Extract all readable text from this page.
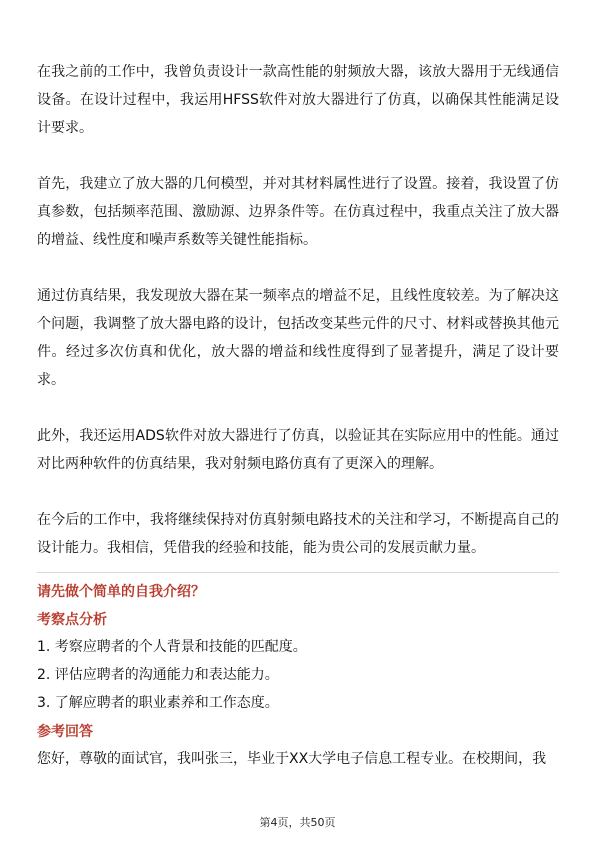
在我之前的工作中，我曾负责设计一款高性能的射频放大器，该放大器用于无线通信设备。在设计过程中，我运用HFSS软件对放大器进行了仿真，以确保其性能满足设计要求。

首先，我建立了放大器的几何模型，并对其材料属性进行了设置。接着，我设置了仿真参数，包括频率范围、激励源、边界条件等。在仿真过程中，我重点关注了放大器的增益、线性度和噪声系数等关键性能指标。

通过仿真结果，我发现放大器在某一频率点的增益不足，且线性度较差。为了解决这个问题，我调整了放大器电路的设计，包括改变某些元件的尺寸、材料或替换其他元件。经过多次仿真和优化，放大器的增益和线性度得到了显著提升，满足了设计要求。

此外，我还运用ADS软件对放大器进行了仿真，以验证其在实际应用中的性能。通过对比两种软件的仿真结果，我对射频电路仿真有了更深入的理解。

在今后的工作中，我将继续保持对仿真射频电路技术的关注和学习，不断提高自己的设计能力。我相信，凭借我的经验和技能，能为贵公司的发展贡献力量。

请先做个简单的自我介绍？
考察点分析

1. 考察应聘者的个人背景和技能的匹配度。

2. 评估应聘者的沟通能力和表达能力。

3. 了解应聘者的职业素养和工作态度。

参考回答

您好，尊敬的面试官，我叫张三，毕业于XX大学电子信息工程专业。在校期间，我

第4页，共50页
